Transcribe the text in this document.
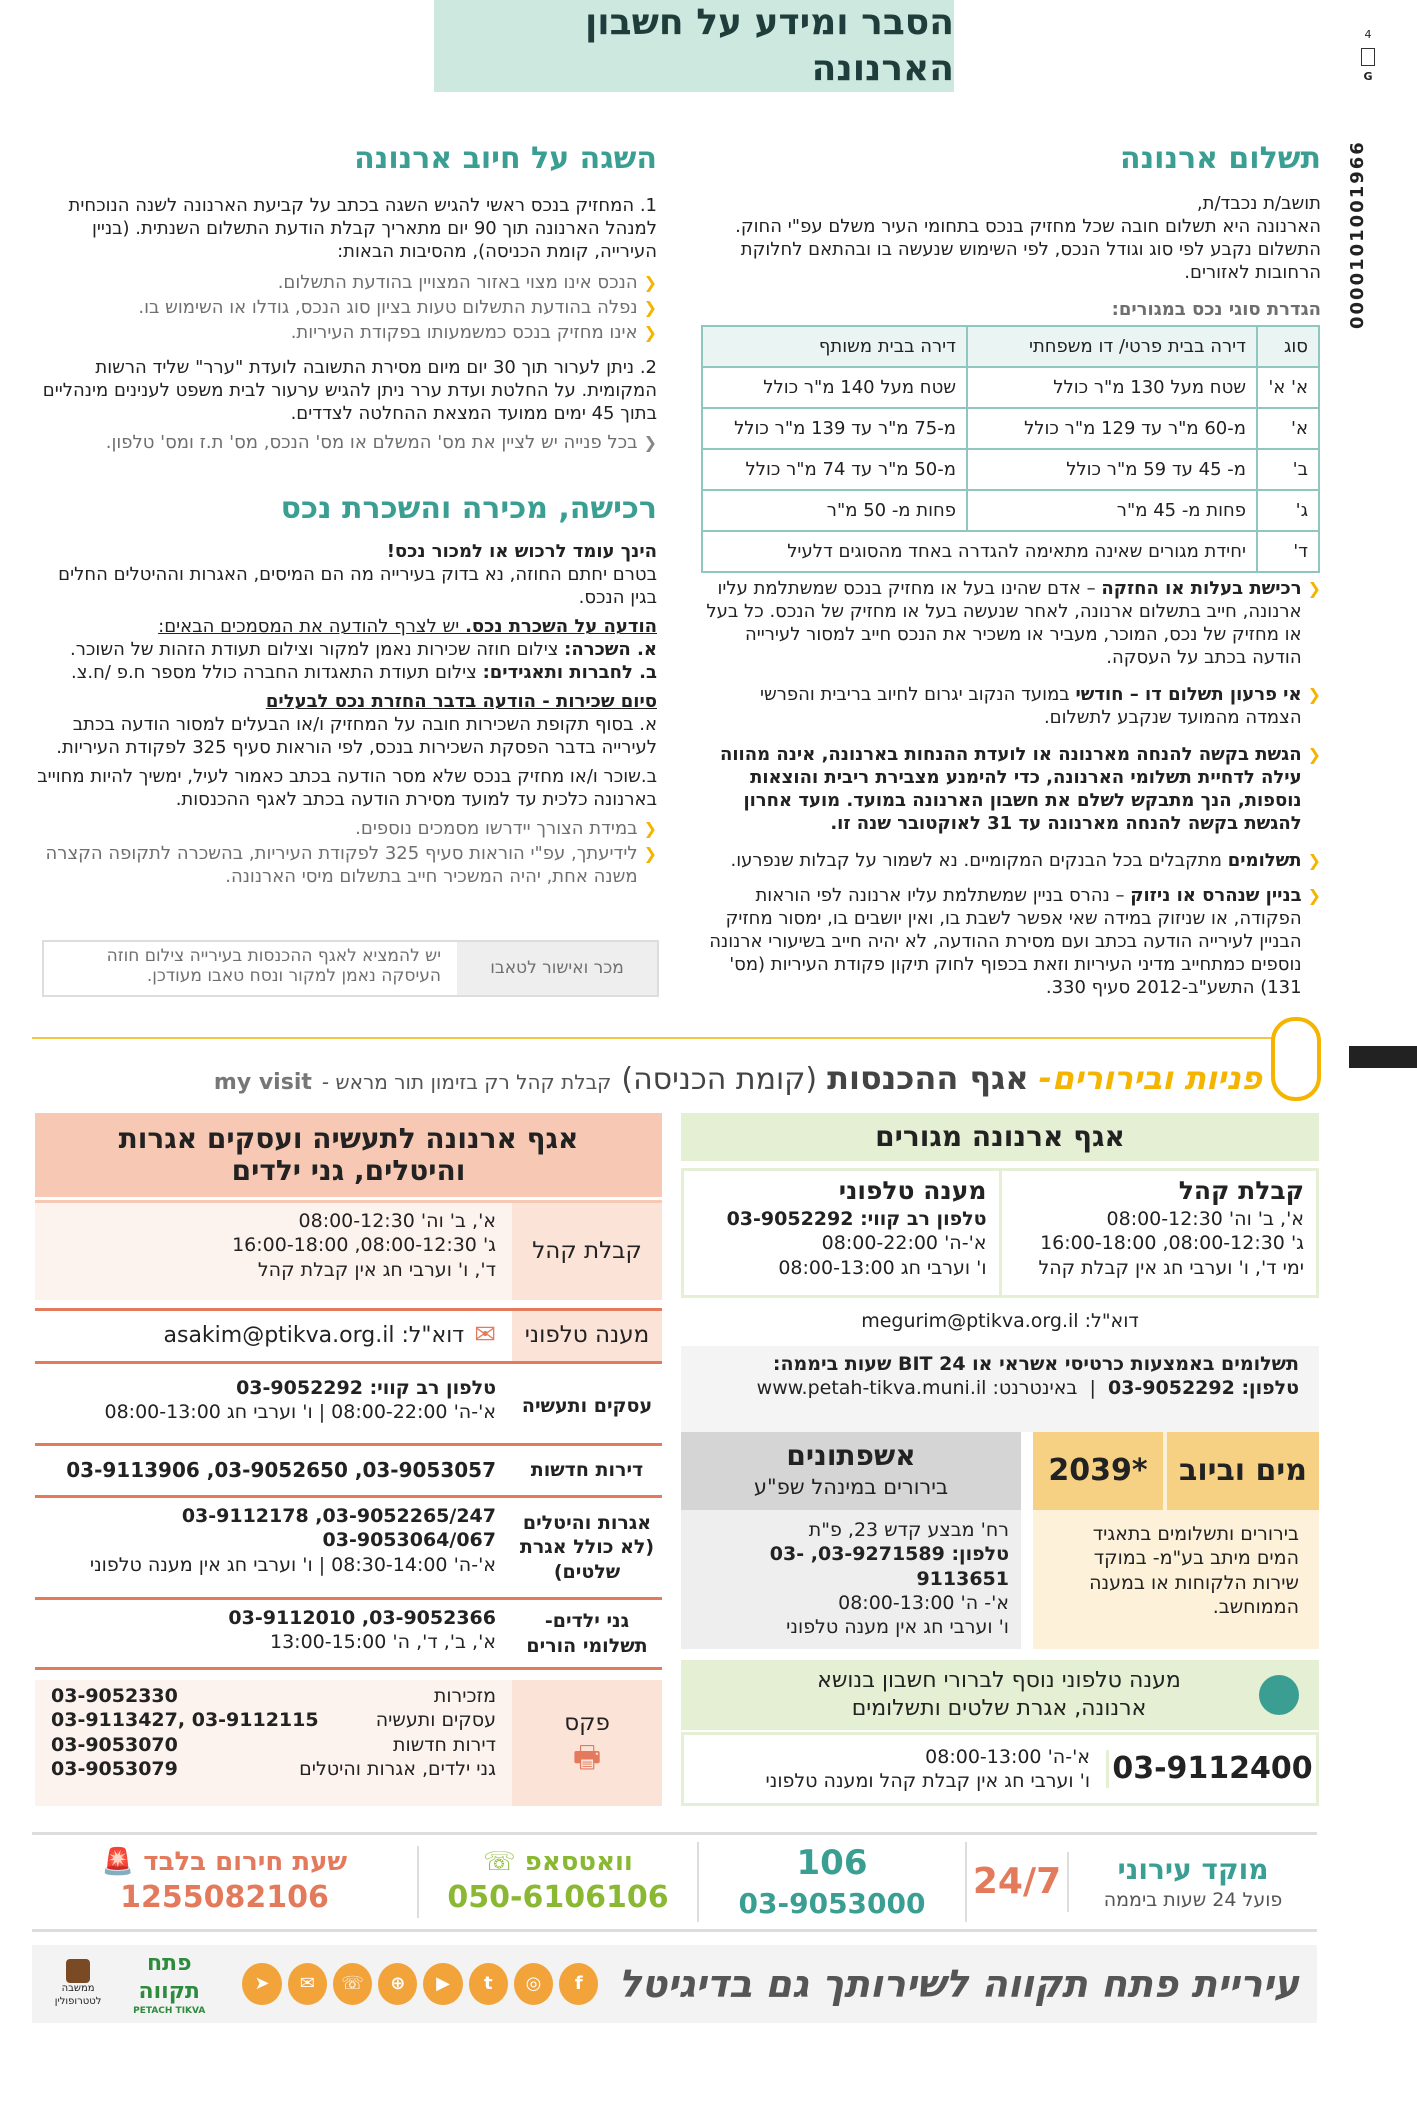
הסבר ומידע על חשבון הארנונה
4
G
0000101001966
תשלום ארנונה
תושב/ת נכבד/ת,
הארנונה היא תשלום חובה שכל מחזיק בנכס בתחומי העיר משלם עפ"י החוק. התשלום נקבע לפי סוג וגודל הנכס, לפי השימוש שנעשה בו ובהתאם לחלוקת הרחובות לאזורים.
הגדרת סוגי נכס במגורים:
סוג	דירה בבית פרטי/ דו משפחתי	דירה בבית משותף
א' א'	שטח מעל 130 מ"ר כולל	שטח מעל 140 מ"ר כולל
א'	מ-60 מ"ר עד 129 מ"ר כולל	מ-75 מ"ר עד 139 מ"ר כולל
ב'	מ- 45 עד 59 מ"ר כולל	מ-50 מ"ר עד 74 מ"ר כולל
ג'	פחות מ- 45 מ"ר	פחות מ- 50 מ"ר
ד'	יחידת מגורים שאינה מתאימה להגדרה באחד מהסוגים דלעיל	
❮
רכישת בעלות או החזקה – אדם שהינו בעל או מחזיק בנכס שמשתלמת עליו ארנונה, חייב בתשלום ארנונה, לאחר שנעשה בעל או מחזיק של הנכס. כל בעל או מחזיק של נכס, המוכר, מעביר או משכיר את הנכס חייב למסור לעירייה הודעה בכתב על העסקה.
❮
אי פרעון תשלום דו – חודשי במועד הנקוב יגרום לחיוב בריבית והפרשי הצמדה מהמועד שנקבע לתשלום.
❮
הגשת בקשה להנחה מארנונה או לועדת ההנחות בארנונה, אינה מהווה עילה לדחיית תשלומי הארנונה, כדי להימנע מצבירת ריבית והוצאות נוספות, הנך מתבקש לשלם את חשבון הארנונה במועד. מועד אחרון להגשת בקשה להנחה מארנונה עד 31 לאוקטובר שנה זו.
❮
תשלומים מתקבלים בכל הבנקים המקומיים. נא לשמור על קבלות שנפרעו.
❮
בניין שנהרס או ניזוק – נהרס בניין שמשתלמת עליו ארנונה לפי הוראות הפקודה, או שניזוק במידה שאי אפשר לשבת בו, ואין יושבים בו, ימסור מחזיק הבניין לעירייה הודעה בכתב ועם מסירת ההודעה, לא יהיה חייב בשיעורי ארנונה נוספים כמתחייב מדיני העיריות וזאת בכפוף לחוק תיקון פקודת העיריות (מס' 131) התשע"ב-2012 סעיף 330.
השגה על חיוב ארנונה
1. המחזיק בנכס ראשי להגיש השגה בכתב על קביעת הארנונה לשנה הנוכחית למנהל הארנונה תוך 90 יום מתאריך קבלת הודעת התשלום השנתית. (בניין העירייה, קומת הכניסה), מהסיבות הבאות:
❮
הנכס אינו מצוי באזור המצויין בהודעת התשלום.
❮
נפלה בהודעת התשלום טעות בציון סוג הנכס, גודלו או השימוש בו.
❮
אינו מחזיק בנכס כמשמעותו בפקודת העיריות.
2. ניתן לערור תוך 30 יום מיום מסירת התשובה לועדת "ערר" שליד הרשות המקומית. על החלטת ועדת ערר ניתן להגיש ערעור לבית משפט לענינים מינהליים בתוך 45 ימים ממועד המצאת ההחלטה לצדדים.
❮
בכל פנייה יש לציין את מס' המשלם או מס' הנכס, מס' ת.ז ומס' טלפון.
רכישה, מכירה והשכרת נכס
הינך עומד לרכוש או למכור נכס!
בטרם יחתם החוזה, נא בדוק בעירייה מה הם המיסים, האגרות וההיטלים החלים בגין הנכס.
הודעה על השכרת נכס. יש לצרף להודעה את המסמכים הבאים:
א. השכרה: צילום חוזה שכירות נאמן למקור וצילום תעודת הזהות של השוכר.
ב. לחברות ותאגידים: צילום תעודת התאגדות החברה כולל מספר ח.פ /ח.צ.
סיום שכירות - הודעה בדבר החזרת נכס לבעלים
א. בסוף תקופת השכירות חובה על המחזיק ו/או הבעלים למסור הודעה בכתב לעירייה בדבר הפסקת השכירות בנכס, לפי הוראות סעיף 325 לפקודת העיריות.
ב.שוכר ו/או מחזיק בנכס שלא מסר הודעה בכתב כאמור לעיל, ימשיך להיות מחוייב בארנונה כלכית עד למועד מסירת הודעה בכתב לאגף ההכנסות.
❮
במידת הצורך יידרשו מסמכים נוספים.
❮
לידיעתך, עפ"י הוראות סעיף 325 לפקודת העיריות, בהשכרה לתקופה הקצרה משנה אחת, יהיה המשכיר חייב בתשלום מיסי הארנונה.
מכר ואישור לטאבו
יש להמציא לאגף ההכנסות בעירייה צילום חוזה העיסקה נאמן למקור ונסח טאבו מעודכן.
פניות ובירורים-
אגף ההכנסות
(קומת הכניסה)
קבלת קהל רק בזימון תור מראש -
my visit
אגף ארנונה מגורים
קבלת קהל
א', ב' וה' 08:00-12:30
ג' 08:00-12:30, 16:00-18:00
ימי ד', ו' וערבי חג אין קבלת קהל
מענה טלפוני
טלפון רב קווי: 03-9052292
א'-ה' 08:00-22:00
ו' וערבי חג 08:00-13:00
דוא"ל: megurim@ptikva.org.il
תשלומים באמצעות כרטיסי אשראי או BIT 24 שעות ביממה:
טלפון: 03-9052292  |  באינטרנט: www.petah-tikva.muni.il
מים וביוב
*2039
בירורים ותשלומים בתאגיד המים מיתב בע"מ- במוקד שירות הלקוחות או במענה הממוחשב.
אשפתונים
בירורים במינהל שפ"ע
רח' מבצע קדש 23, פ"ת
טלפון: 03-9271589, 03-9113651
א'- ה' 08:00-13:00
ו' וערבי חג אין מענה טלפוני
מענה טלפוני נוסף לברורי חשבון בנושא ארנונה, אגרת שלטים ותשלומים
03-9112400
א'-ה' 08:00-13:00
ו' וערבי חג אין קבלת קהל ומענה טלפוני
אגף ארנונה לתעשיה ועסקים אגרות והיטלים, גני ילדים
קבלת קהל
א', ב' וה' 08:00-12:30
ג' 08:00-12:30, 16:00-18:00
ד', ו' וערבי חג אין קבלת קהל
מענה טלפוני
✉
דוא"ל: asakim@ptikva.org.il
עסקים ותעשיה
טלפון רב קווי: 03-9052292
א'-ה' 08:00-22:00 | ו' וערבי חג 08:00-13:00
דירות חדשות
03-9053057, 03-9052650, 03-9113906
אגרות והיטלים (לא כולל אגרת שלטים)
03-9052265/247, 03-9112178
03-9053064/067
א'-ה' 08:30-14:00 | ו' וערבי חג אין מענה טלפוני
גני ילדים- תשלומי הורים
03-9052366, 03-9112010
א', ב', ד', ה' 13:00-15:00
פקס
🖶
מזכירות
03-9052330
עסקים ותעשיה
03-9112115 ,03-9113427
דירות חדשות
03-9053070
גני ילדים, אגרות והיטלים
03-9053079
מוקד עירוני
פועל 24 שעות ביממה
24/7
106
03-9053000
וואטסאפ ☏
050-6106106
שעת חירום בלבד 🚨
1255082106
עיריית פתח תקווה לשירותך גם בדיגיטל
f
◎
t
▶
⊕
☏
✉
➤
פתח תקווה
PETACH TIKVA
ממשבה לטטרופולין
